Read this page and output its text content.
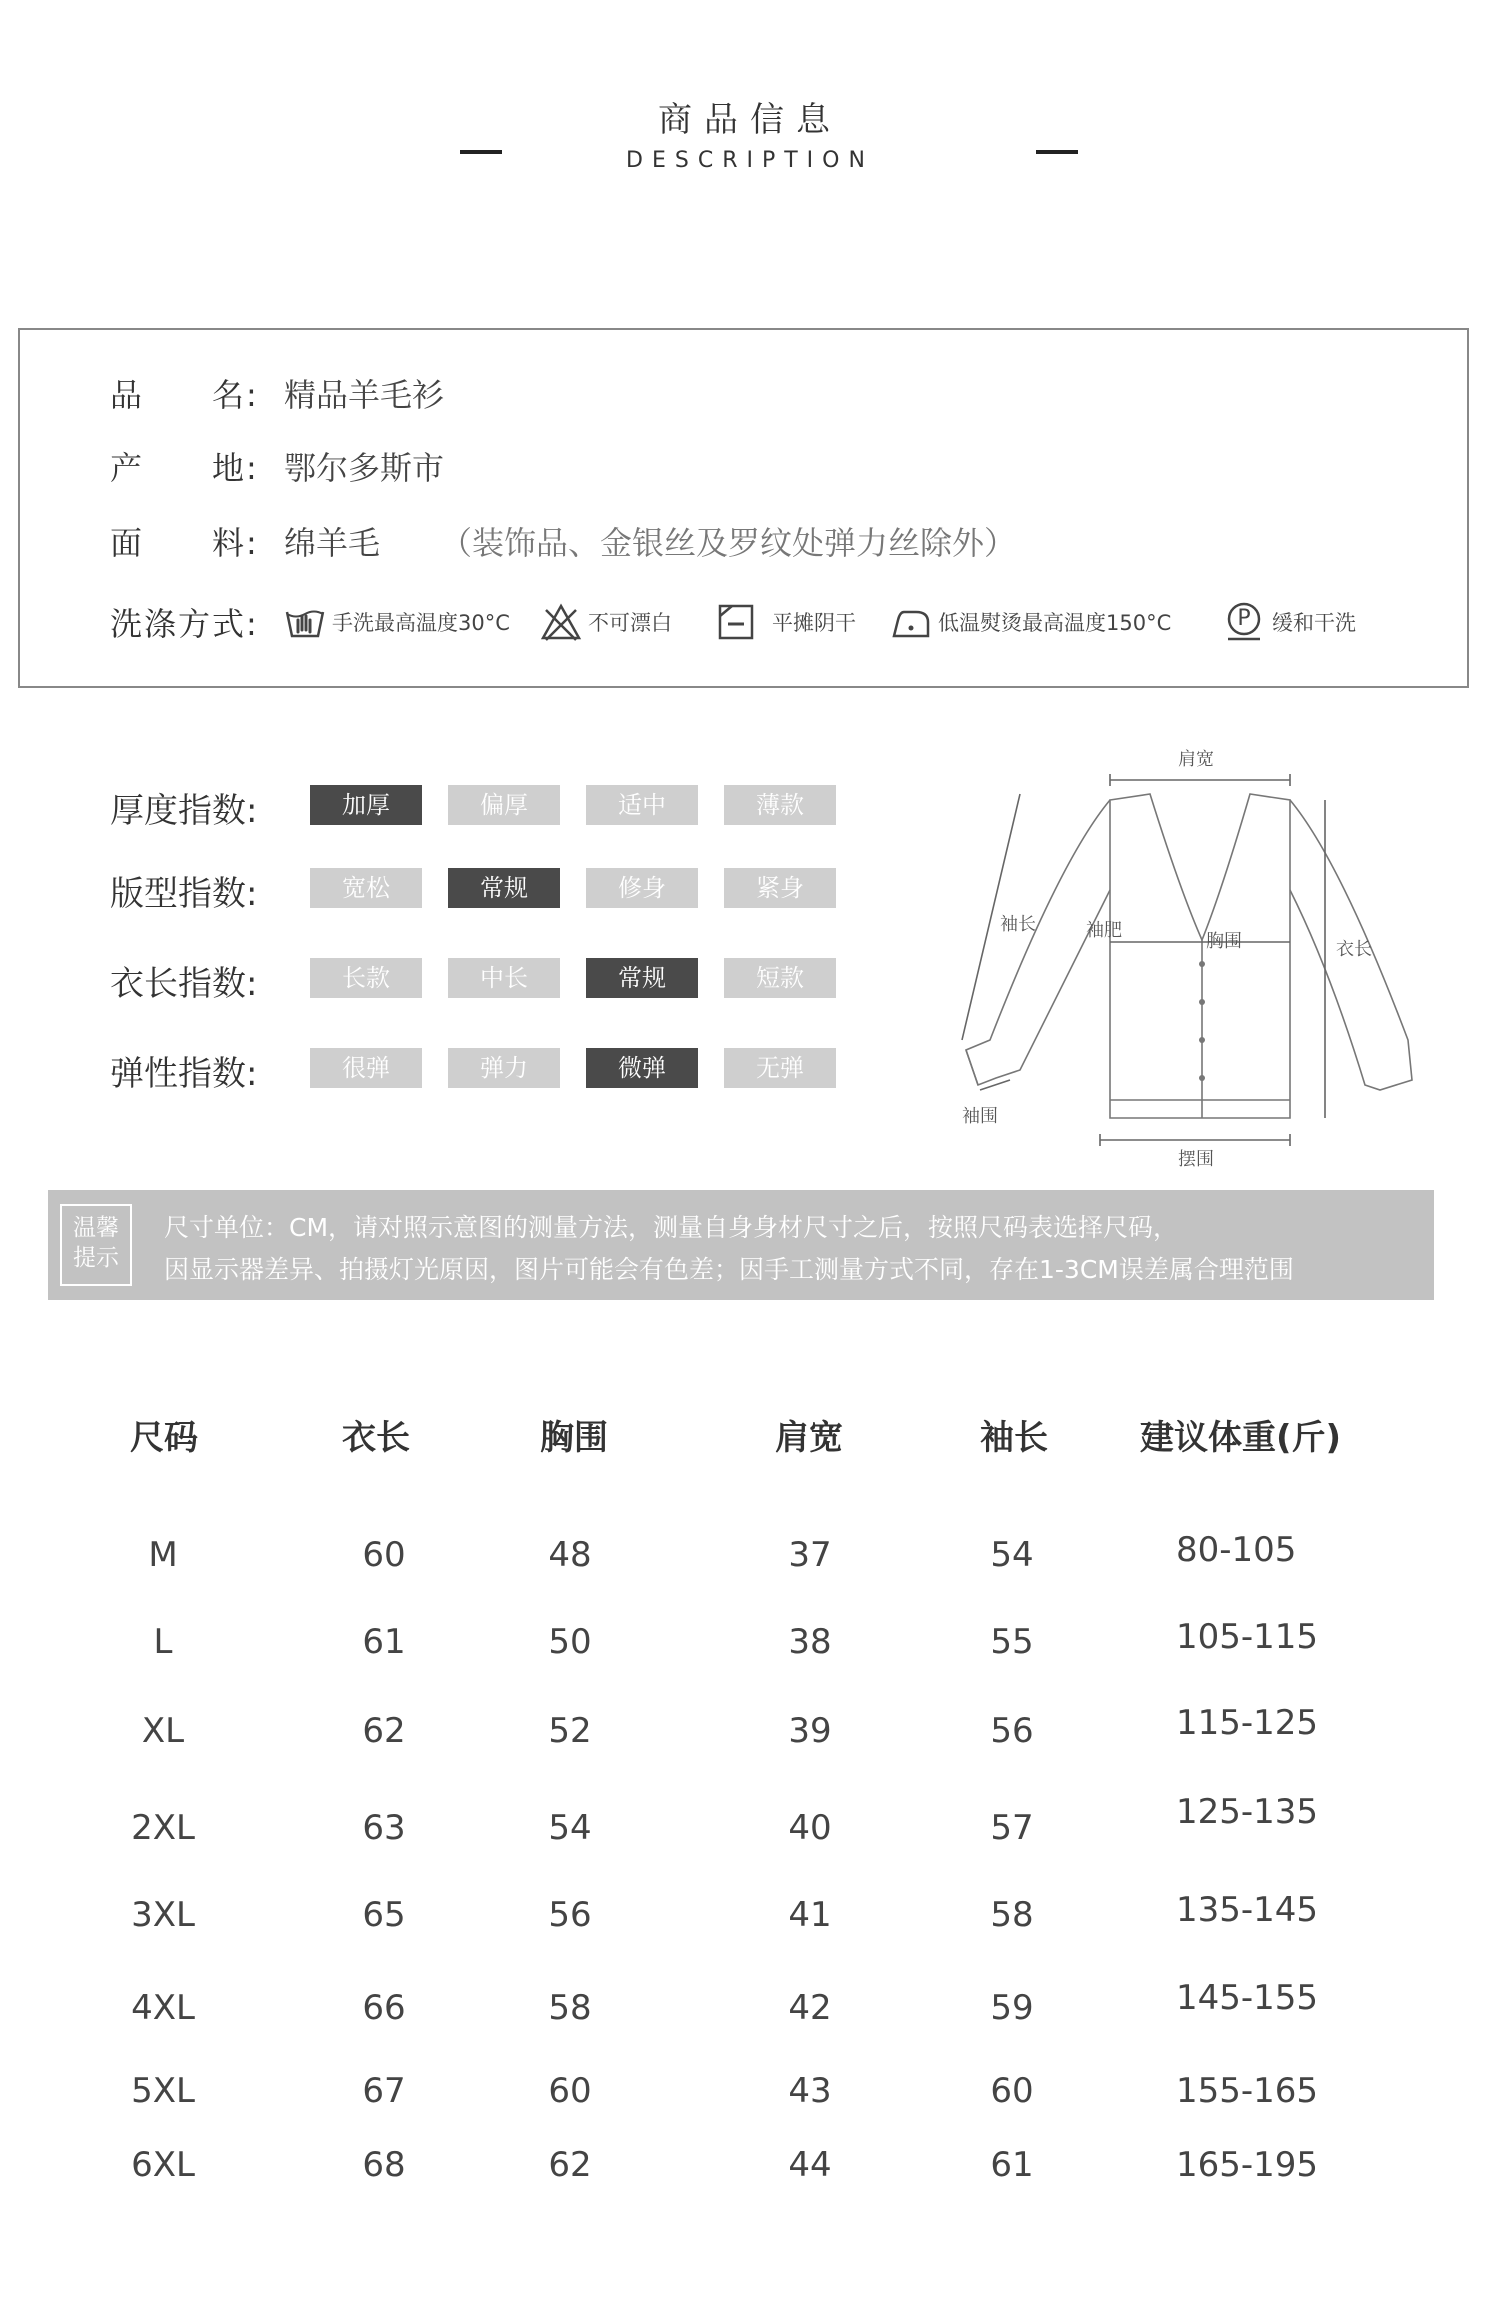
商品信息
DESCRIPTION
品　　名: 精品羊毛衫
产　　地: 鄂尔多斯市
面　　料: 绵羊毛 （装饰品、金银丝及罗纹处弹力丝除外）
洗涤方式:	手洗最高温度30°C	不可漂白	平摊阴干	低温熨烫最高温度150°C	P	缓和干洗
厚度指数:	加厚	偏厚	适中	薄款
版型指数:	宽松	常规	修身	紧身
衣长指数:	长款	中长	常规	短款
弹性指数:	很弹	弹力	微弹	无弹
肩宽
袖长	袖肥
胸围	衣长
袖围
摆围
温馨
提示
尺寸单位：CM，请对照示意图的测量方法，测量自身身材尺寸之后，按照尺码表选择尺码，
因显示器差异、拍摄灯光原因，图片可能会有色差；因手工测量方式不同，存在1-3CM误差属合理范围
尺码	衣长	胸围	肩宽	袖长	建议体重(斤)
M	60	48	37	54	80-105
L	61	50	38	55	105-115
XL	62	52	39	56	115-125
2XL	63	54	40	57	125-135
3XL	65	56	41	58	135-145
4XL	66	58	42	59	145-155
5XL	67	60	43	60	155-165
6XL	68	62	44	61	165-195
